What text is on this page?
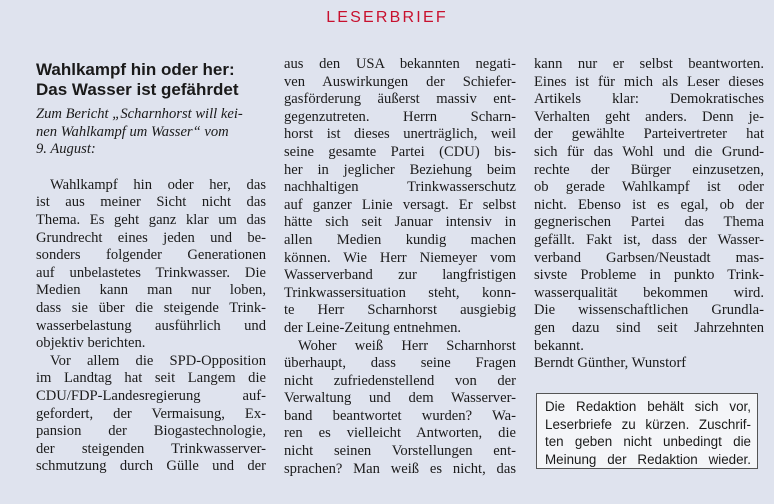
LESERBRIEF
Wahlkampf hin oder her:
Das Wasser ist gefährdet
Zum Bericht „Scharnhorst will kei-
nen Wahlkampf um Wasser“ vom
9. August:
Wahlkampf hin oder her, das
ist aus meiner Sicht nicht das
Thema. Es geht ganz klar um das
Grundrecht eines jeden und be-
sonders folgender Generationen
auf unbelastetes Trinkwasser. Die
Medien kann man nur loben,
dass sie über die steigende Trink-
wasserbelastung ausführlich und
objektiv berichten.
Vor allem die SPD-Opposition
im Landtag hat seit Langem die
CDU/FDP-Landesregierung auf-
gefordert, der Vermaisung, Ex-
pansion der Biogastechnologie,
der steigenden Trinkwasserver-
schmutzung durch Gülle und der
aus den USA bekannten negati-
ven Auswirkungen der Schiefer-
gasförderung äußerst massiv ent-
gegenzutreten. Herrn Scharn-
horst ist dieses unerträglich, weil
seine gesamte Partei (CDU) bis-
her in jeglicher Beziehung beim
nachhaltigen Trinkwasserschutz
auf ganzer Linie versagt. Er selbst
hätte sich seit Januar intensiv in
allen Medien kundig machen
können. Wie Herr Niemeyer vom
Wasserverband zur langfristigen
Trinkwassersituation steht, konn-
te Herr Scharnhorst ausgiebig
der Leine-Zeitung entnehmen.
Woher weiß Herr Scharnhorst
überhaupt, dass seine Fragen
nicht zufriedenstellend von der
Verwaltung und dem Wasserver-
band beantwortet wurden? Wa-
ren es vielleicht Antworten, die
nicht seinen Vorstellungen ent-
sprachen? Man weiß es nicht, das
kann nur er selbst beantworten.
Eines ist für mich als Leser dieses
Artikels klar: Demokratisches
Verhalten geht anders. Denn je-
der gewählte Parteivertreter hat
sich für das Wohl und die Grund-
rechte der Bürger einzusetzen,
ob gerade Wahlkampf ist oder
nicht. Ebenso ist es egal, ob der
gegnerischen Partei das Thema
gefällt. Fakt ist, dass der Wasser-
verband Garbsen/Neustadt mas-
sivste Probleme in punkto Trink-
wasserqualität bekommen wird.
Die wissenschaftlichen Grundla-
gen dazu sind seit Jahrzehnten
bekannt.
Berndt Günther, Wunstorf
Die Redaktion behält sich vor,
Leserbriefe zu kürzen. Zuschrif-
ten geben nicht unbedingt die
Meinung der Redaktion wieder.
